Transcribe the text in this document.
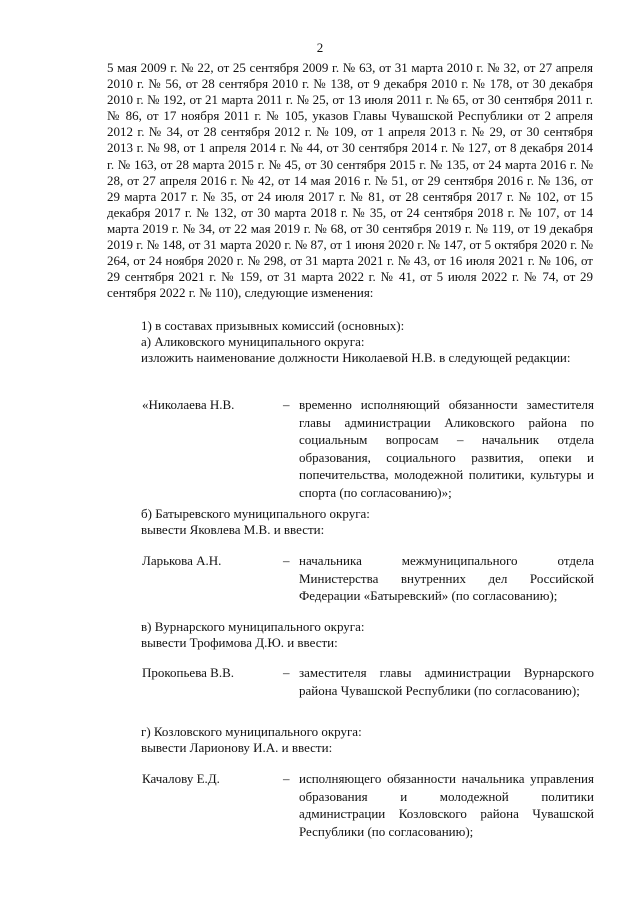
2

5 мая 2009 г. № 22, от 25 сентября 2009 г. № 63, от 31 марта 2010 г. № 32, от 27 апреля 2010 г. № 56, от 28 сентября 2010 г. № 138, от 9 декабря 2010 г. № 178, от 30 декабря 2010 г. № 192, от 21 марта 2011 г. № 25, от 13 июля 2011 г. № 65, от 30 сентября 2011 г. № 86, от 17 ноября 2011 г. № 105, указов Главы Чувашской Республики от 2 апреля 2012 г. № 34, от 28 сентября 2012 г. № 109, от 1 апреля 2013 г. № 29, от 30 сентября 2013 г. № 98, от 1 апреля 2014 г. № 44, от 30 сентября 2014 г. № 127, от 8 декабря 2014 г. № 163, от 28 марта 2015 г. № 45, от 30 сентября 2015 г. № 135, от 24 марта 2016 г. № 28, от 27 апреля 2016 г. № 42, от 14 мая 2016 г. № 51, от 29 сентября 2016 г. № 136, от 29 марта 2017 г. № 35, от 24 июля 2017 г. № 81, от 28 сентября 2017 г. № 102, от 15 декабря 2017 г. № 132, от 30 марта 2018 г. № 35, от 24 сентября 2018 г. № 107, от 14 марта 2019 г. № 34, от 22 мая 2019 г. № 68, от 30 сентября 2019 г. № 119, от 19 декабря 2019 г. № 148, от 31 марта 2020 г. № 87, от 1 июня 2020 г. № 147, от 5 октября 2020 г. № 264, от 24 ноября 2020 г. № 298, от 31 марта 2021 г. № 43, от 16 июля 2021 г. № 106, от 29 сентября 2021 г. № 159, от 31 марта 2022 г. № 41, от 5 июля 2022 г. № 74, от 29 сентября 2022 г. № 110), следующие изменения:

1) в составах призывных комиссий (основных):

а) Аликовского муниципального округа:

изложить наименование должности Николаевой Н.В. в следующей редакции:

«Николаева Н.В.	– временно исполняющий обязанности заместителя главы администрации Аликовского района по социальным вопросам – начальник отдела образования, социального развития, опеки и попечительства, молодежной политики, культуры и спорта (по согласованию)»;

б) Батыревского муниципального округа:

вывести Яковлева М.В. и ввести:

Ларькова А.Н.	– начальника межмуниципального отдела Министерства внутренних дел Российской Федерации «Батыревский» (по согласованию);

в) Вурнарского муниципального округа:

вывести Трофимова Д.Ю. и ввести:

Прокопьева В.В.	– заместителя главы администрации Вурнарского района Чувашской Республики (по согласованию);

г) Козловского муниципального округа:

вывести Ларионову И.А. и ввести:

Качалову Е.Д.	– исполняющего обязанности начальника управления образования и молодежной политики администрации Козловского района Чувашской Республики (по согласованию);
